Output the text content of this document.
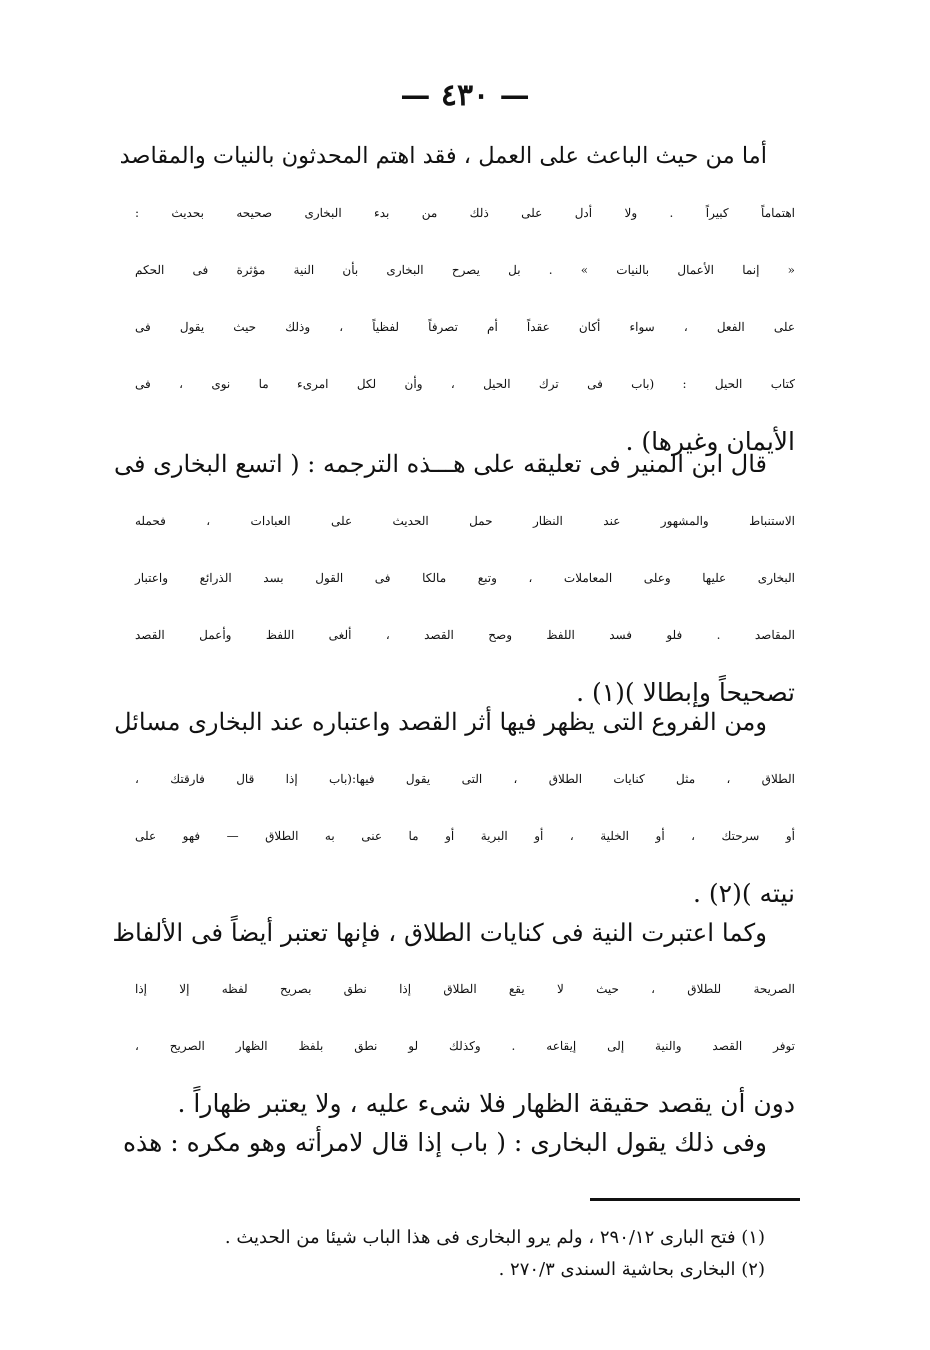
— ٤٣٠ —
أما من حيث الباعث على العمل ، فقد اهتم المحدثون بالنيات والمقاصد
اهتماماً كبيراً . ولا أدل على ذلك من بدء البخارى صحيحه بحديث :
« إنما الأعمال بالنيات » . بل يصرح البخارى بأن النية مؤثرة فى الحكم
على الفعل ، سواء أكان عقداً أم تصرفاً لفظياً ، وذلك حيث يقول فى
كتاب الحيل : (باب فى ترك الحيل ، وأن لكل امرىء ما نوى ، فى
الأيمان وغيرها) .
قال ابن المنير فى تعليقه على هـــذه الترجمه : ( اتسع البخارى فى
الاستنباط والمشهور عند النظار حمل الحديث على العبادات ، فحمله
البخارى عليها وعلى المعاملات ، وتبع مالكا فى القول بسد الذرائع واعتبار
المقاصد . فلو فسد اللفظ وصح القصد ، ألغى اللفظ وأعمل القصد
تصحيحاً وإبطالا )(١) .
ومن الفروع التى يظهر فيها أثر القصد واعتباره عند البخارى مسائل
الطلاق ، مثل كنايات الطلاق ، التى يقول فيها:(باب إذا قال فارقتك ،
أو سرحتك ، أو الخلية ، أو البرية أو ما عنى به الطلاق — فهو على
نيته )(٢) .
وكما اعتبرت النية فى كنايات الطلاق ، فإنها تعتبر أيضاً فى الألفاظ
الصريحة للطلاق ، حيث لا يقع الطلاق إذا نطق بصريح لفظه إلا إذا
توفر القصد والنية إلى إيقاعه . وكذلك لو نطق بلفظ الظهار الصريح ،
دون أن يقصد حقيقة الظهار فلا شىء عليه ، ولا يعتبر ظهاراً .
وفى ذلك يقول البخارى : ( باب إذا قال لامرأته وهو مكره : هذه
(١) فتح البارى ٢٩٠/١٢ ، ولم يرو البخارى فى هذا الباب شيئا من الحديث .
(٢) البخارى بحاشية السندى ٢٧٠/٣ .
